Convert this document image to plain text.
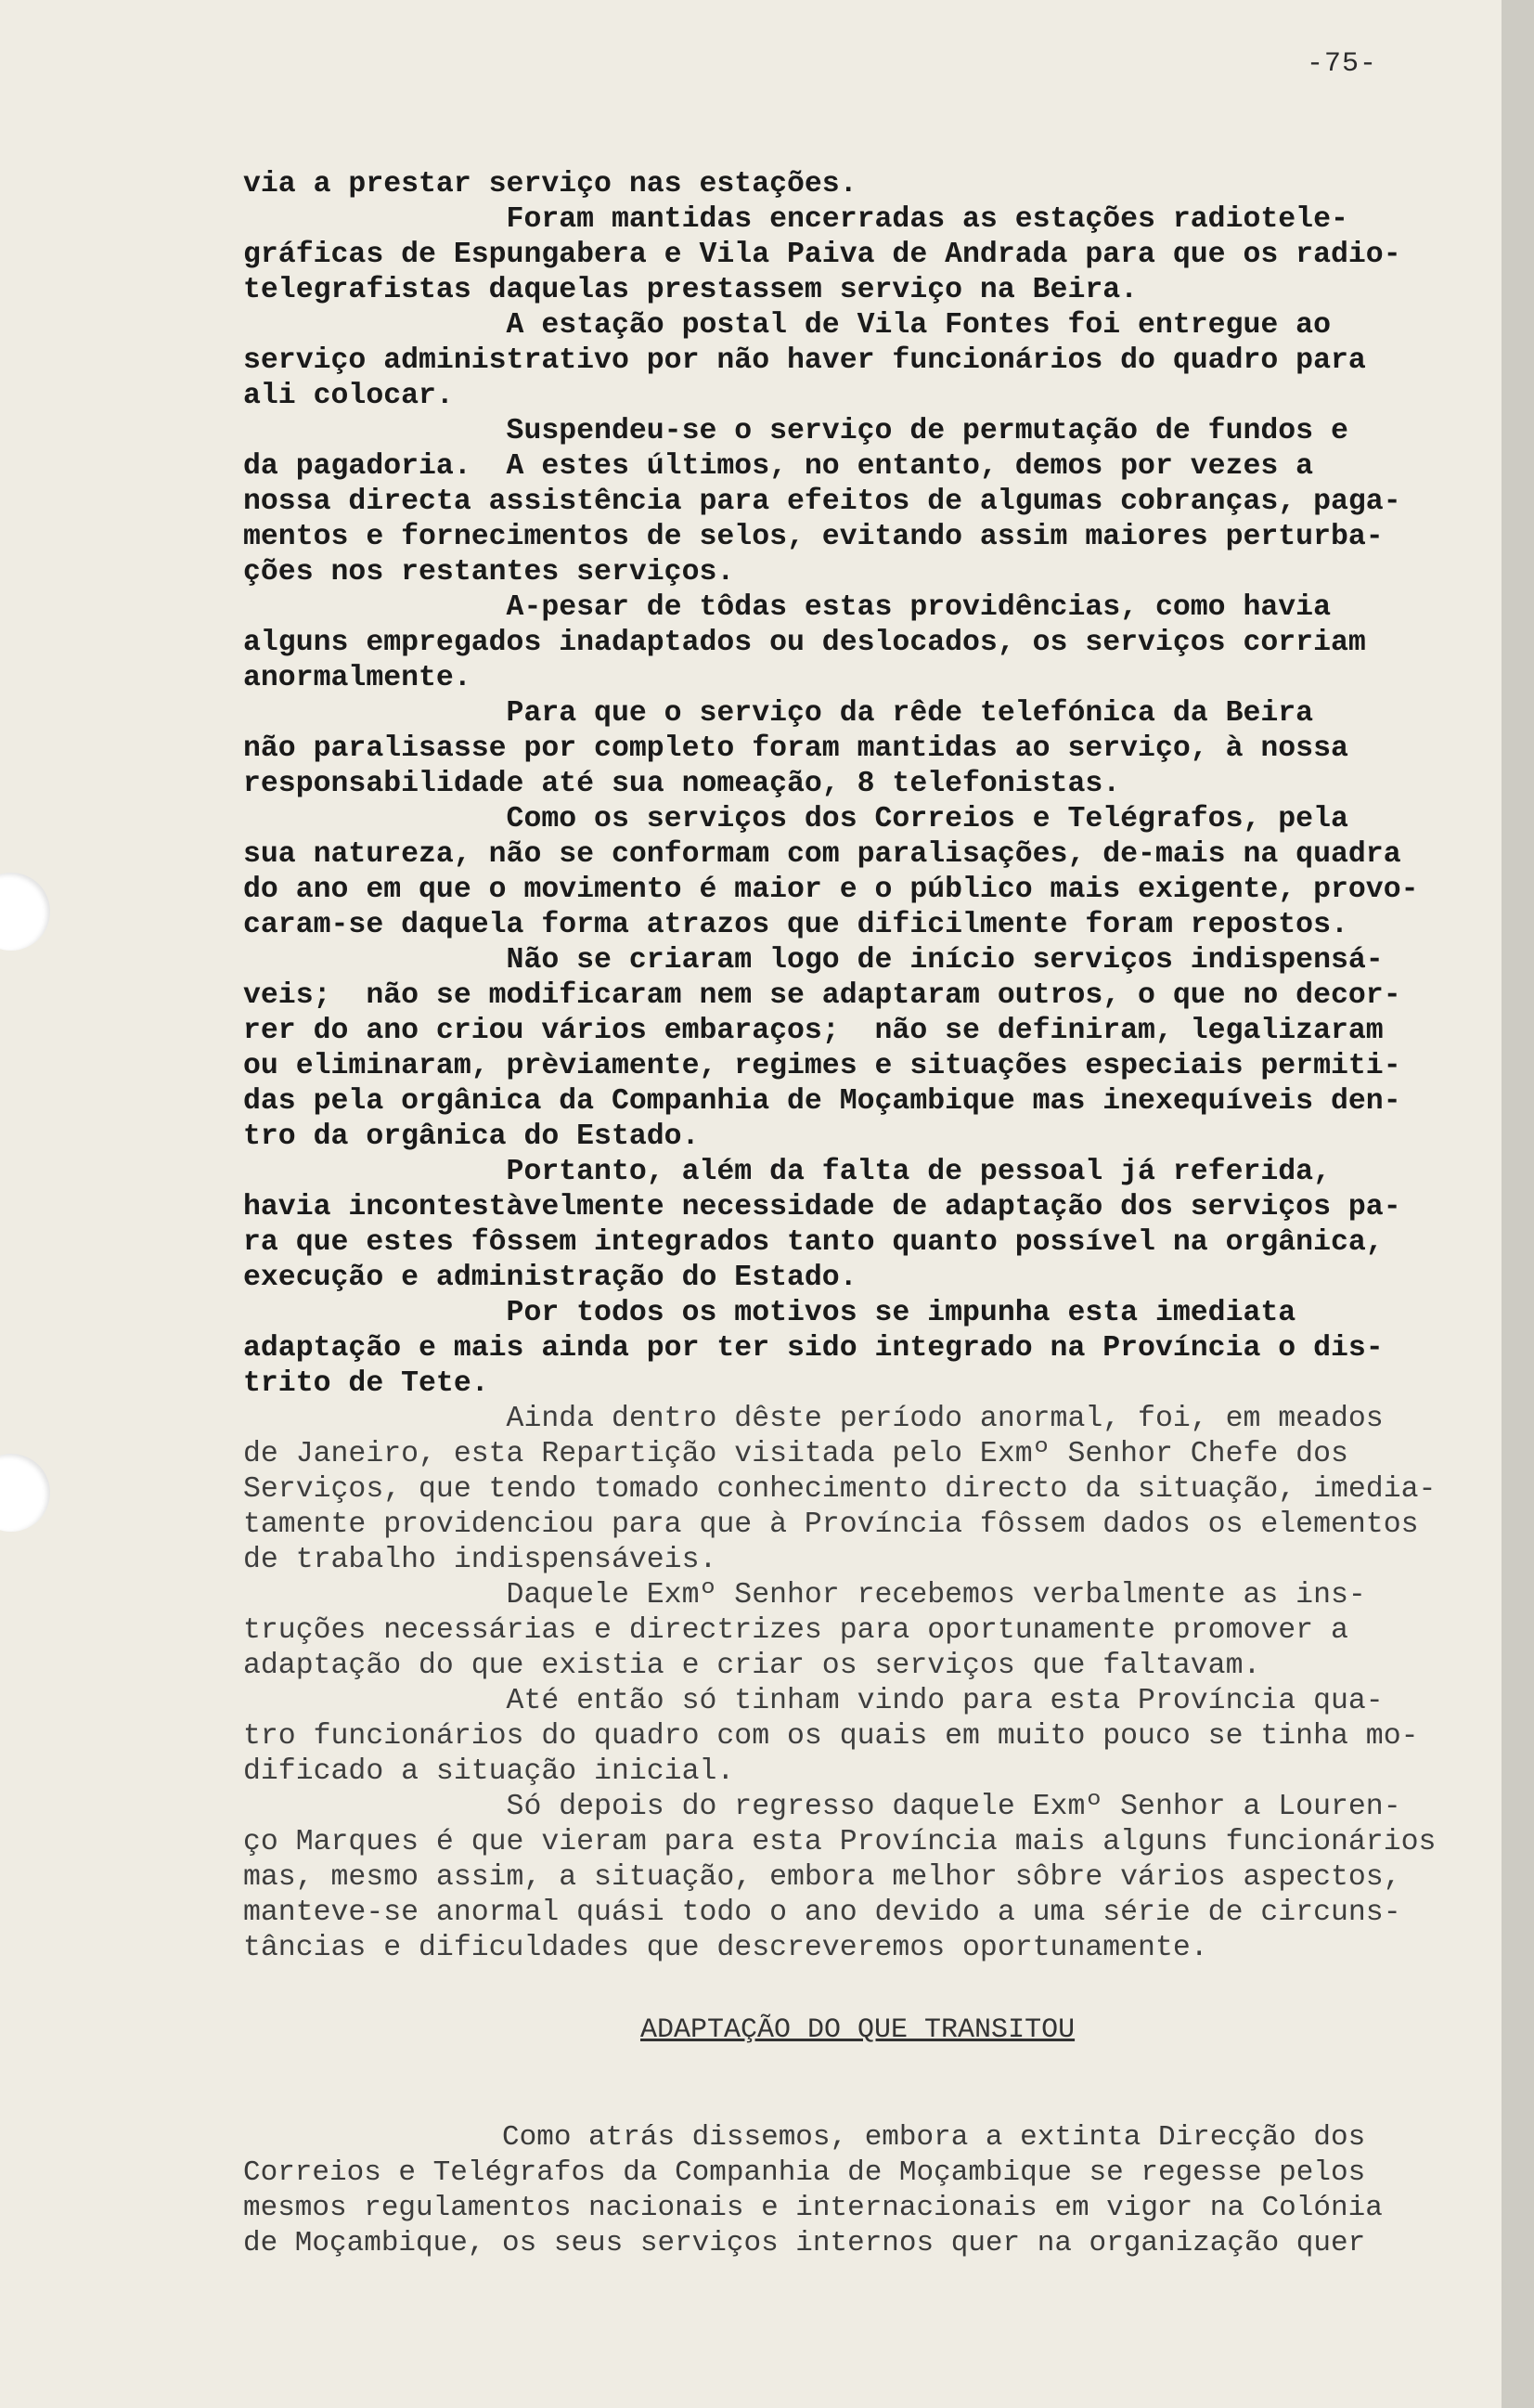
-75-

via a prestar serviço nas estações.

Foram mantidas encerradas as estações radiotele-
gráficas de Espungabera e Vila Paiva de Andrada para que os radio-
telegrafistas daquelas prestassem serviço na Beira.

A estação postal de Vila Fontes foi entregue ao
serviço administrativo por não haver funcionários do quadro para
ali colocar.

Suspendeu-se o serviço de permutação de fundos e
da pagadoria.  A estes últimos, no entanto, demos por vezes a
nossa directa assistência para efeitos de algumas cobranças, paga-
mentos e fornecimentos de selos, evitando assim maiores perturba-
ções nos restantes serviços.

A-pesar de tôdas estas providências, como havia
alguns empregados inadaptados ou deslocados, os serviços corriam
anormalmente.

Para que o serviço da rêde telefónica da Beira
não paralisasse por completo foram mantidas ao serviço, à nossa
responsabilidade até sua nomeação, 8 telefonistas.

Como os serviços dos Correios e Telégrafos, pela
sua natureza, não se conformam com paralisações, de-mais na quadra
do ano em que o movimento é maior e o público mais exigente, provo-
caram-se daquela forma atrazos que dificilmente foram repostos.

Não se criaram logo de início serviços indispensá-
veis;  não se modificaram nem se adaptaram outros, o que no decor-
rer do ano criou vários embaraços;  não se definiram, legalizaram
ou eliminaram, prèviamente, regimes e situações especiais permiti-
das pela orgânica da Companhia de Moçambique mas inexequíveis den-
tro da orgânica do Estado.

Portanto, além da falta de pessoal já referida,
havia incontestàvelmente necessidade de adaptação dos serviços pa-
ra que estes fôssem integrados tanto quanto possível na orgânica,
execução e administração do Estado.

Por todos os motivos se impunha esta imediata
adaptação e mais ainda por ter sido integrado na Província o dis-
trito de Tete.

Ainda dentro dêste período anormal, foi, em meados
de Janeiro, esta Repartição visitada pelo Exmº Senhor Chefe dos
Serviços, que tendo tomado conhecimento directo da situação, imedia-
tamente providenciou para que à Província fôssem dados os elementos
de trabalho indispensáveis.

Daquele Exmº Senhor recebemos verbalmente as ins-
truções necessárias e directrizes para oportunamente promover a
adaptação do que existia e criar os serviços que faltavam.

Até então só tinham vindo para esta Província qua-
tro funcionários do quadro com os quais em muito pouco se tinha mo-
dificado a situação inicial.

Só depois do regresso daquele Exmº Senhor a Louren-
ço Marques é que vieram para esta Província mais alguns funcionários
mas, mesmo assim, a situação, embora melhor sôbre vários aspectos,
manteve-se anormal quási todo o ano devido a uma série de circuns-
tâncias e dificuldades que descreveremos oportunamente.

ADAPTAÇÃO DO QUE TRANSITOU

Como atrás dissemos, embora a extinta Direcção dos
Correios e Telégrafos da Companhia de Moçambique se regesse pelos
mesmos regulamentos nacionais e internacionais em vigor na Colónia
de Moçambique, os seus serviços internos quer na organização quer
